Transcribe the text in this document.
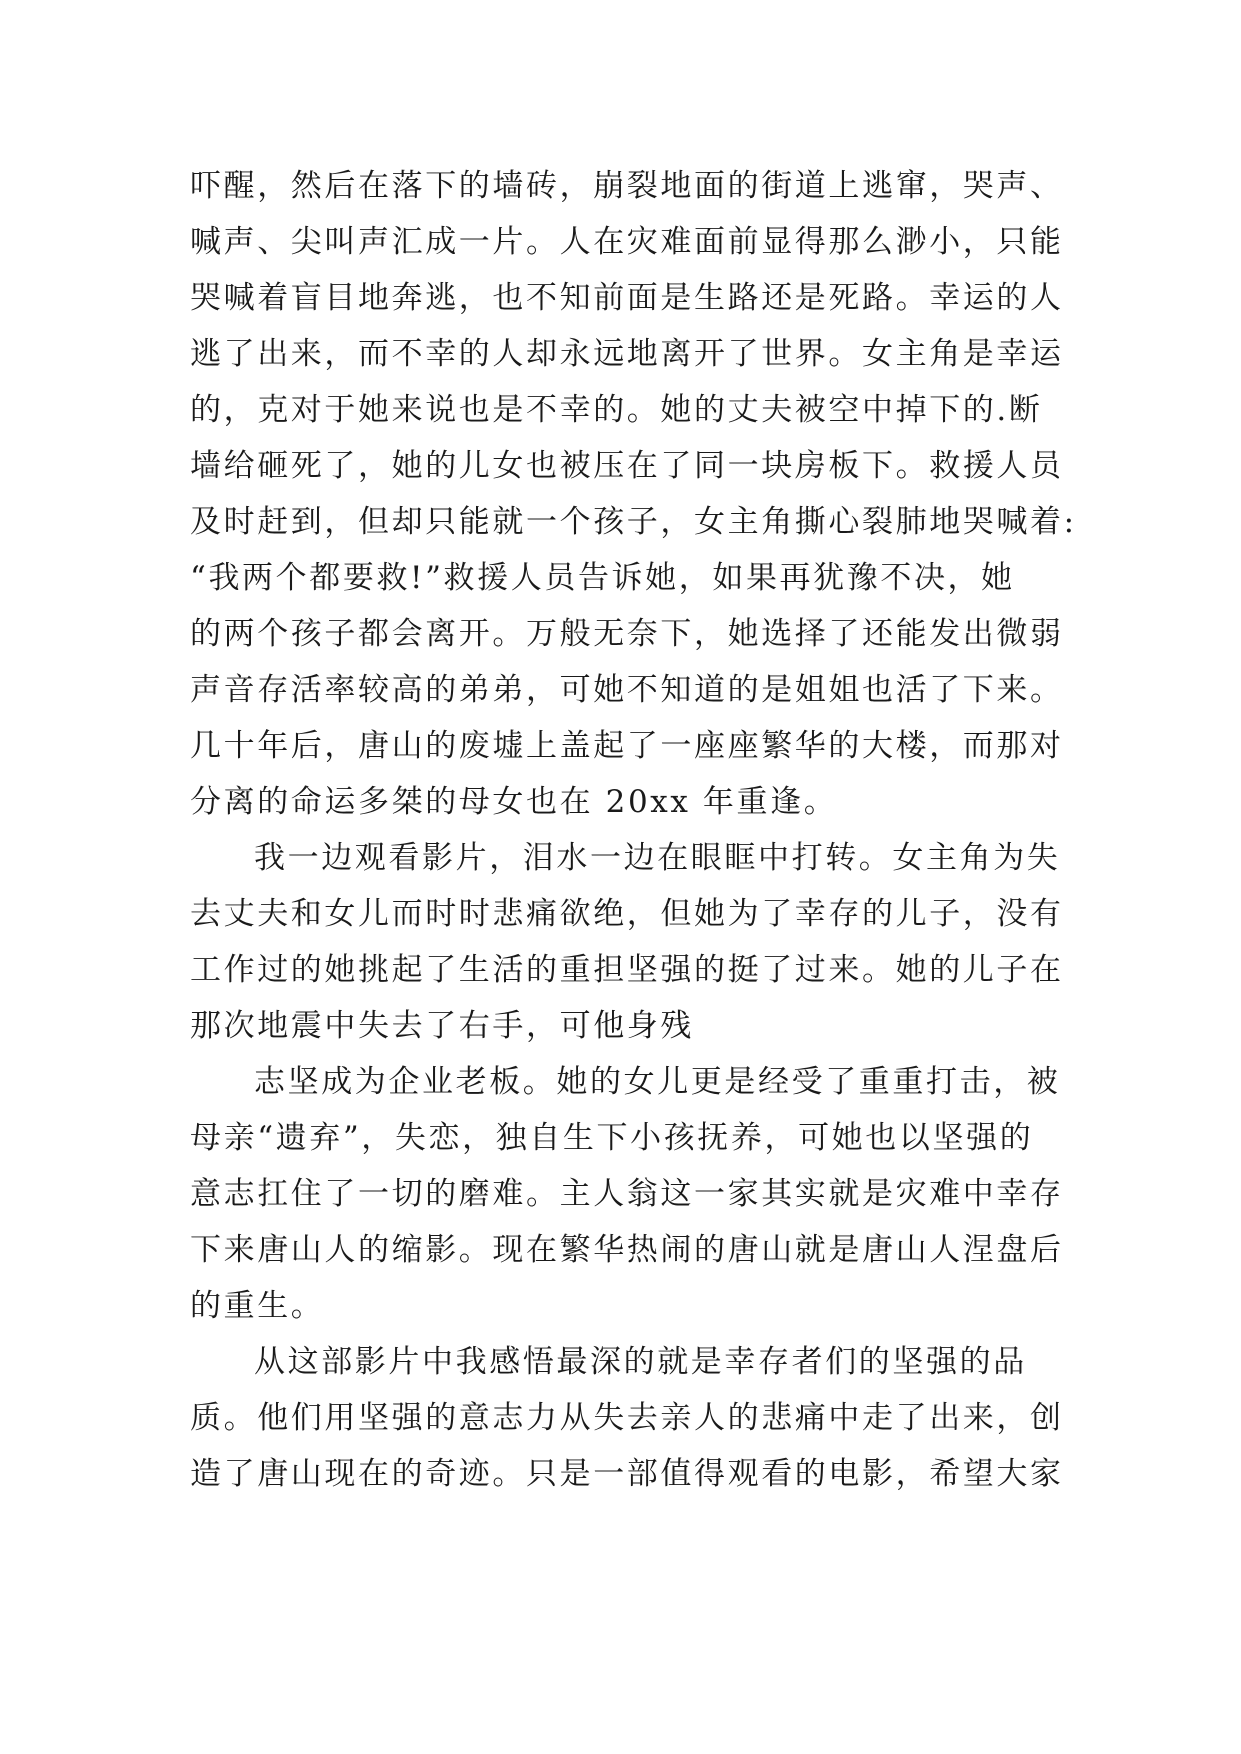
吓醒，然后在落下的墙砖，崩裂地面的街道上逃窜，哭声、
喊声、尖叫声汇成一片。人在灾难面前显得那么渺小，只能
哭喊着盲目地奔逃，也不知前面是生路还是死路。幸运的人
逃了出来，而不幸的人却永远地离开了世界。女主角是幸运
的，克对于她来说也是不幸的。她的丈夫被空中掉下的.断
墙给砸死了，她的儿女也被压在了同一块房板下。救援人员
及时赶到，但却只能就一个孩子，女主角撕心裂肺地哭喊着:
“我两个都要救!”救援人员告诉她，如果再犹豫不决，她
的两个孩子都会离开。万般无奈下，她选择了还能发出微弱
声音存活率较高的弟弟，可她不知道的是姐姐也活了下来。
几十年后，唐山的废墟上盖起了一座座繁华的大楼，而那对
分离的命运多桀的母女也在 20xx 年重逢。
我一边观看影片，泪水一边在眼眶中打转。女主角为失
去丈夫和女儿而时时悲痛欲绝，但她为了幸存的儿子，没有
工作过的她挑起了生活的重担坚强的挺了过来。她的儿子在
那次地震中失去了右手，可他身残
志坚成为企业老板。她的女儿更是经受了重重打击，被
母亲“遗弃”，失恋，独自生下小孩抚养，可她也以坚强的
意志扛住了一切的磨难。主人翁这一家其实就是灾难中幸存
下来唐山人的缩影。现在繁华热闹的唐山就是唐山人涅盘后
的重生。
从这部影片中我感悟最深的就是幸存者们的坚强的品
质。他们用坚强的意志力从失去亲人的悲痛中走了出来，创
造了唐山现在的奇迹。只是一部值得观看的电影，希望大家
